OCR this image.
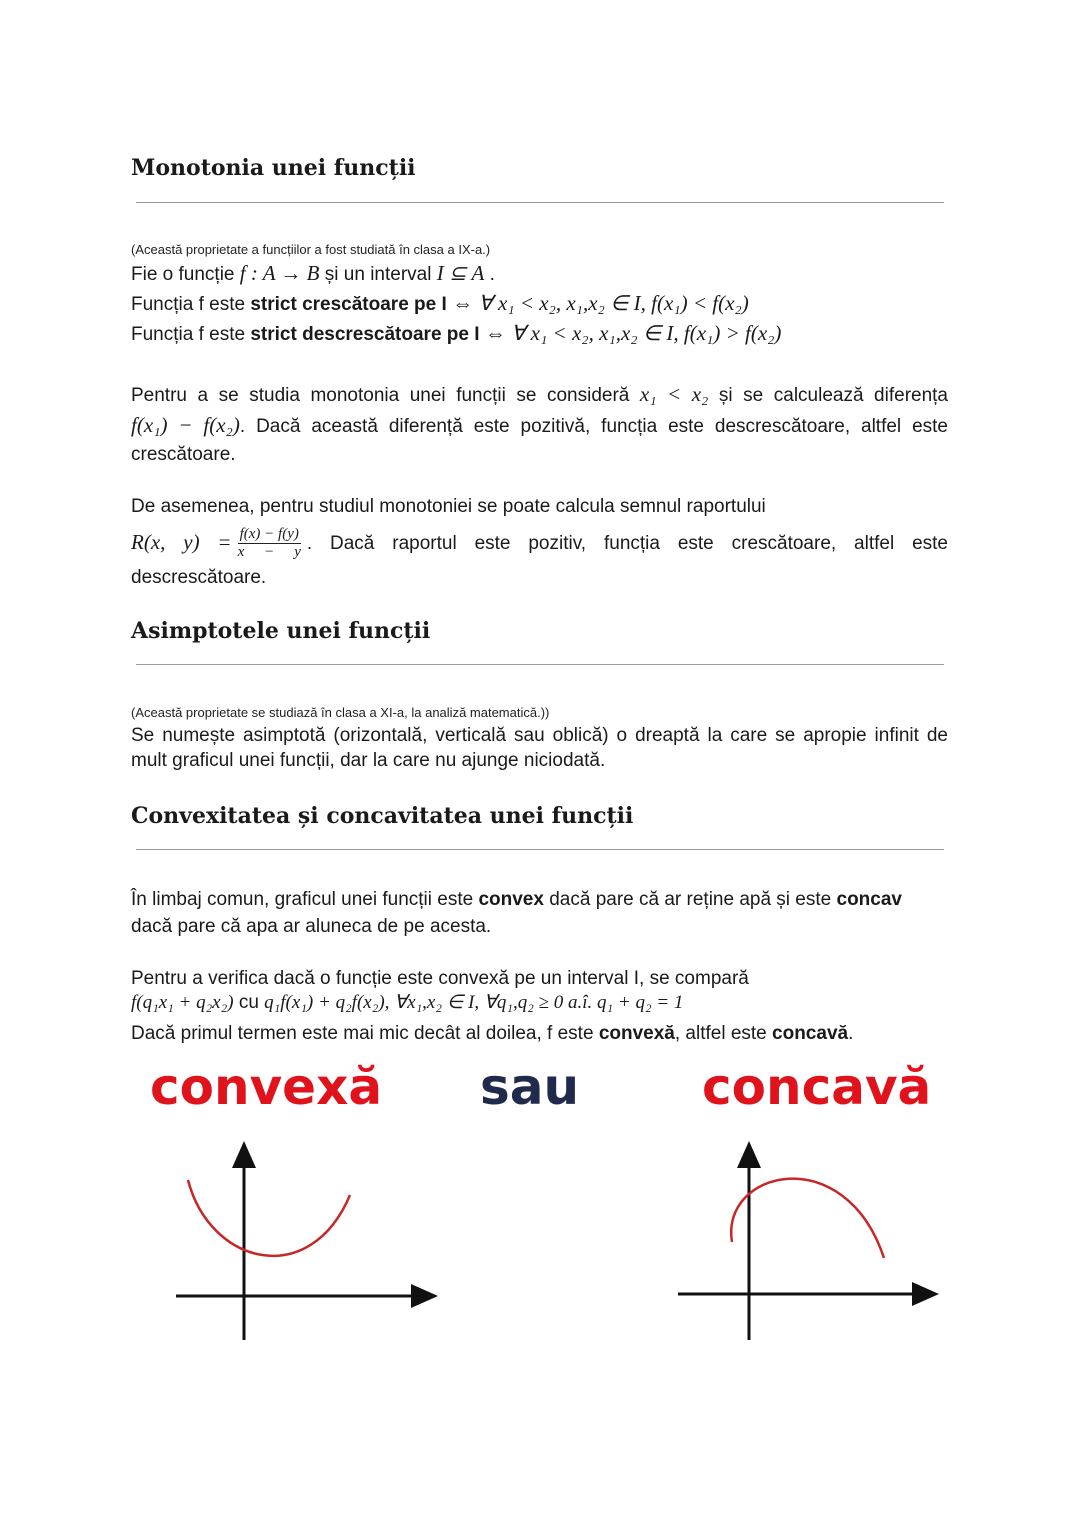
Monotonia unei funcții
(Această proprietate a funcțiilor a fost studiată în clasa a IX-a.)
Fie o funcție f : A → B și un interval I ⊆ A .
Funcția f este strict crescătoare pe I ⇔ ∀ x₁ < x₂, x₁,x₂ ∈ I, f(x₁) < f(x₂)
Funcția f este strict descrescătoare pe I ⇔ ∀ x₁ < x₂, x₁,x₂ ∈ I, f(x₁) > f(x₂)
Pentru a se studia monotonia unei funcții se consideră x₁ < x₂ și se calculează diferența
f(x₁) − f(x₂). Dacă această diferență este pozitivă, funcția este descrescătoare, altfel este
crescătoare.
De asemenea, pentru studiul monotoniei se poate calcula semnul raportului
R(x, $y) = \frac{f(x) - f(y)}{x - y}$ . Dacă raportul este pozitiv, funcția este crescătoare, altfel este
descrescătoare.
Asimptotele unei funcții
(Această proprietate se studiază în clasa a XI-a, la analiză matematică.))
Se numește asimptotă (orizontală, verticală sau oblică) o dreaptă la care se apropie infinit de
mult graficul unei funcții, dar la care nu ajunge niciodată.
Convexitatea și concavitatea unei funcții
În limbaj comun, graficul unei funcții este convex dacă pare că ar reține apă și este concav
dacă pare că apa ar aluneca de pe acesta.
Pentru a verifica dacă o funcție este convexă pe un interval I, se compară
f(q₁x₁ + q₂x₂) cu q₁f(x₁) + q₂f(x₂), ∀x₁,x₂ ∈ I, ∀q₁,q₂ ≥ 0 a.î. q₁ + q₂ = 1
Dacă primul termen este mai mic decât al doilea, f este convexă, altfel este concavă.
convexă sau concavă
